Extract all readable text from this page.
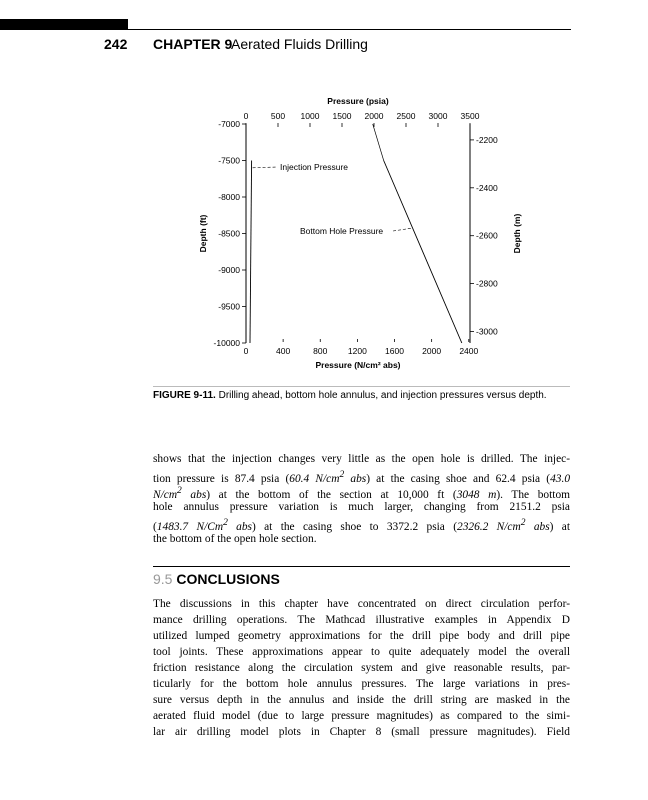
242 CHAPTER 9
Aerated Fluids Drilling
0	500 1000 1500 2000 2500 3000 3500
Pressure (psia)
0	400	800 1200 1600 2000 2400
Pressure (N/cm² abs)
-7000
-7500
-8000
-8500
-9000
-9500
-10000
Depth (ft)
-2200
-2400
-2600
-2800
-3000
Depth (m)
Injection Pressure
Bottom Hole Pressure
FIGURE 9-11. Drilling ahead, bottom hole annulus, and injection pressures versus depth.
shows that the injection changes very little as the open hole is drilled. The injec-
tion pressure is 87.4 psia (60.4 $N/cm^2$ abs) at the casing shoe and 62.4 psia (43.0
$N/cm^2$ abs) at the bottom of the section at 10,000 ft (3048 m). The bottom
hole annulus pressure variation is much larger, changing from 2151.2 psia
(1483.7 N/Cm$^2$ abs) at the casing shoe to 3372.2 psia (2326.2 $N/cm^2$ abs) at
the bottom of the open hole section.
9.5 CONCLUSIONS
The discussions in this chapter have concentrated on direct circulation perfor-
mance drilling operations. The Mathcad illustrative examples in Appendix D
utilized lumped geometry approximations for the drill pipe body and drill pipe
tool joints. These approximations appear to quite adequately model the overall
friction resistance along the circulation system and give reasonable results, par-
ticularly for the bottom hole annulus pressures. The large variations in pres-
sure versus depth in the annulus and inside the drill string are masked in the
aerated fluid model (due to large pressure magnitudes) as compared to the simi-
lar air drilling model plots in Chapter 8 (small pressure magnitudes). Field
